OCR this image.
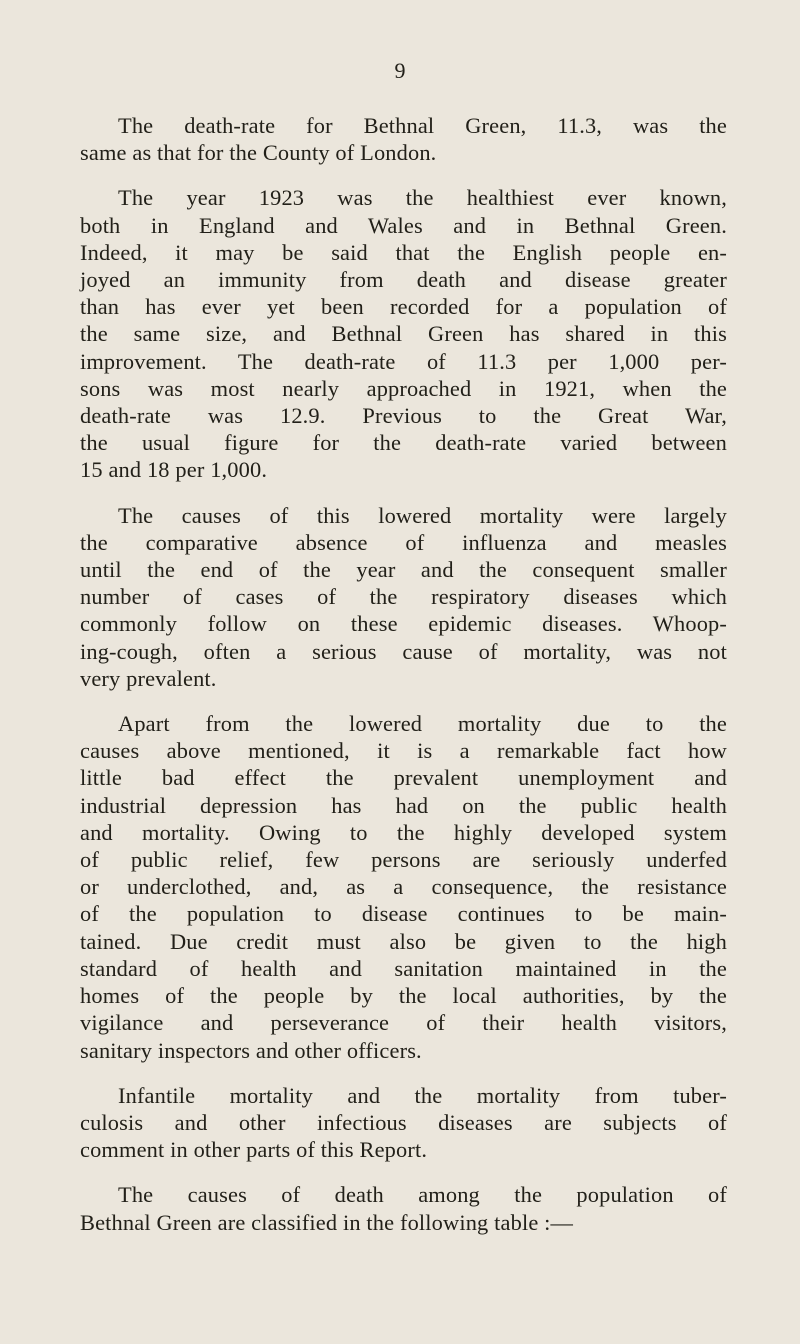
9

The death-rate for Bethnal Green, 11.3, was the
same as that for the County of London.

The year 1923 was the healthiest ever known,
both in England and Wales and in Bethnal Green.
Indeed, it may be said that the English people en-
joyed an immunity from death and disease greater
than has ever yet been recorded for a population of
the same size, and Bethnal Green has shared in this
improvement. The death-rate of 11.3 per 1,000 per-
sons was most nearly approached in 1921, when the
death-rate was 12.9. Previous to the Great War,
the usual figure for the death-rate varied between
15 and 18 per 1,000.

The causes of this lowered mortality were largely
the comparative absence of influenza and measles
until the end of the year and the consequent smaller
number of cases of the respiratory diseases which
commonly follow on these epidemic diseases. Whoop-
ing-cough, often a serious cause of mortality, was not
very prevalent.

Apart from the lowered mortality due to the
causes above mentioned, it is a remarkable fact how
little bad effect the prevalent unemployment and
industrial depression has had on the public health
and mortality. Owing to the highly developed system
of public relief, few persons are seriously underfed
or underclothed, and, as a consequence, the resistance
of the population to disease continues to be main-
tained. Due credit must also be given to the high
standard of health and sanitation maintained in the
homes of the people by the local authorities, by the
vigilance and perseverance of their health visitors,
sanitary inspectors and other officers.

Infantile mortality and the mortality from tuber-
culosis and other infectious diseases are subjects of
comment in other parts of this Report.

The causes of death among the population of
Bethnal Green are classified in the following table :—
